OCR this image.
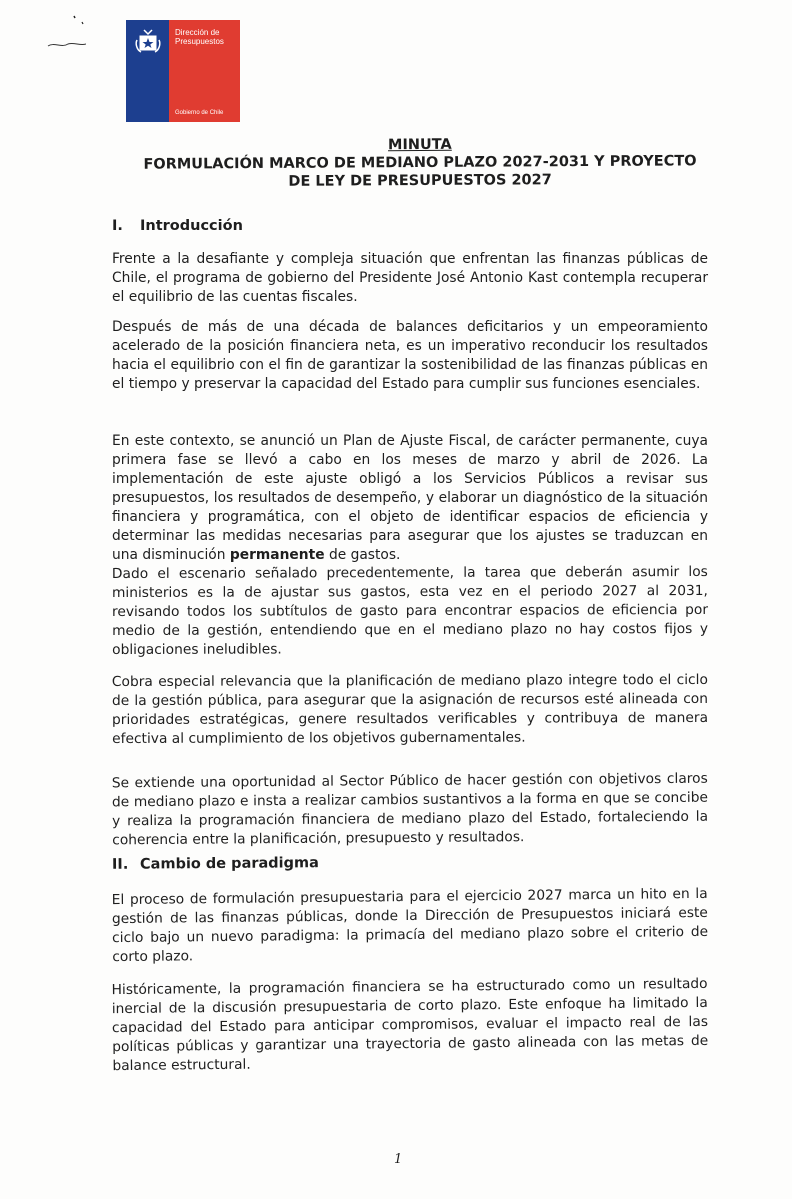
Dirección de
Presupuestos
Gobierno de Chile
MINUTA
FORMULACIÓN MARCO DE MEDIANO PLAZO 2027-2031 Y PROYECTO
DE LEY DE PRESUPUESTOS 2027
I. Introducción
Frente a la desafiante y compleja situación que enfrentan las finanzas públicas de Chile, el programa de gobierno del Presidente José Antonio Kast contempla recuperar el equilibrio de las cuentas fiscales.
Después de más de una década de balances deficitarios y un empeoramiento acelerado de la posición financiera neta, es un imperativo reconducir los resultados hacia el equilibrio con el fin de garantizar la sostenibilidad de las finanzas públicas en el tiempo y preservar la capacidad del Estado para cumplir sus funciones esenciales.
En este contexto, se anunció un Plan de Ajuste Fiscal, de carácter permanente, cuya primera fase se llevó a cabo en los meses de marzo y abril de 2026. La implementación de este ajuste obligó a los Servicios Públicos a revisar sus presupuestos, los resultados de desempeño, y elaborar un diagnóstico de la situación financiera y programática, con el objeto de identificar espacios de eficiencia y determinar las medidas necesarias para asegurar que los ajustes se traduzcan en una disminución permanente de gastos.
Dado el escenario señalado precedentemente, la tarea que deberán asumir los ministerios es la de ajustar sus gastos, esta vez en el periodo 2027 al 2031, revisando todos los subtítulos de gasto para encontrar espacios de eficiencia por medio de la gestión, entendiendo que en el mediano plazo no hay costos fijos y obligaciones ineludibles.
Cobra especial relevancia que la planificación de mediano plazo integre todo el ciclo de la gestión pública, para asegurar que la asignación de recursos esté alineada con prioridades estratégicas, genere resultados verificables y contribuya de manera efectiva al cumplimiento de los objetivos gubernamentales.
Se extiende una oportunidad al Sector Público de hacer gestión con objetivos claros de mediano plazo e insta a realizar cambios sustantivos a la forma en que se concibe y realiza la programación financiera de mediano plazo del Estado, fortaleciendo la coherencia entre la planificación, presupuesto y resultados.
II. Cambio de paradigma
El proceso de formulación presupuestaria para el ejercicio 2027 marca un hito en la gestión de las finanzas públicas, donde la Dirección de Presupuestos iniciará este ciclo bajo un nuevo paradigma: la primacía del mediano plazo sobre el criterio de corto plazo.
Históricamente, la programación financiera se ha estructurado como un resultado inercial de la discusión presupuestaria de corto plazo. Este enfoque ha limitado la capacidad del Estado para anticipar compromisos, evaluar el impacto real de las políticas públicas y garantizar una trayectoria de gasto alineada con las metas de balance estructural.
1
